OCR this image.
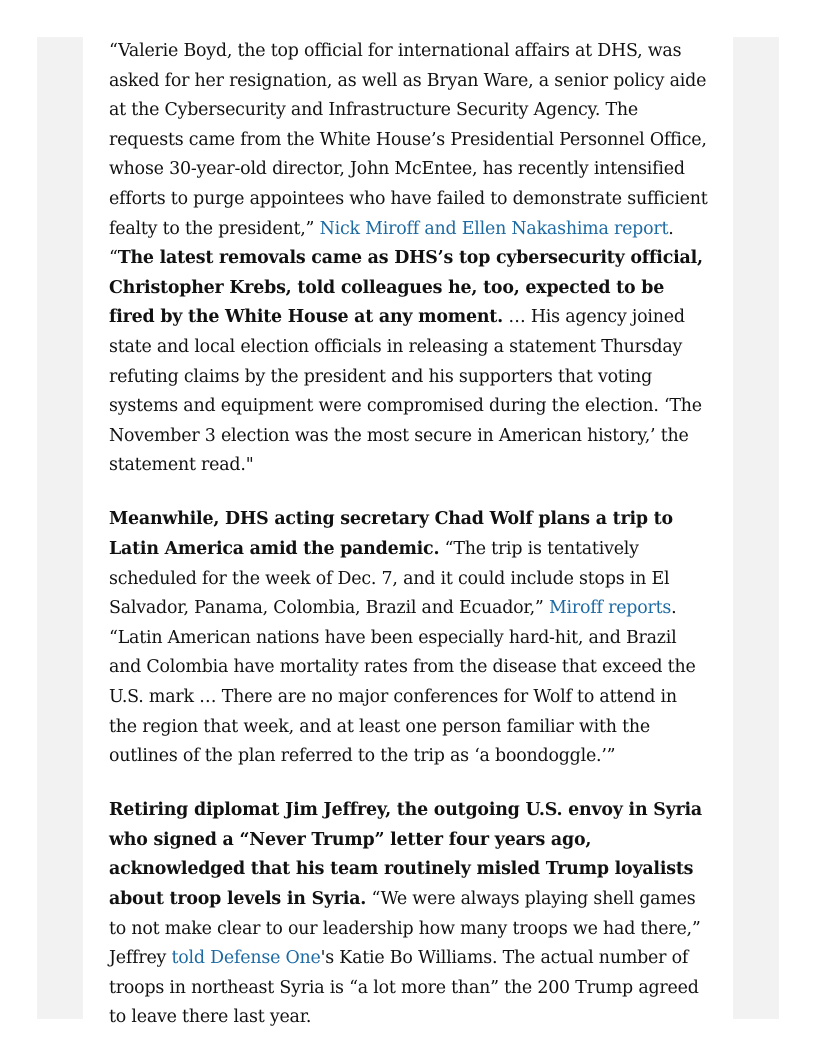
“Valerie Boyd, the top official for international affairs at DHS, was asked for her resignation, as well as Bryan Ware, a senior policy aide at the Cybersecurity and Infrastructure Security Agency. The requests came from the White House’s Presidential Personnel Office, whose 30-year-old director, John McEntee, has recently intensified efforts to purge appointees who have failed to demonstrate sufficient fealty to the president,” Nick Miroff and Ellen Nakashima report. “The latest removals came as DHS’s top cybersecurity official, Christopher Krebs, told colleagues he, too, expected to be fired by the White House at any moment. … His agency joined state and local election officials in releasing a statement Thursday refuting claims by the president and his supporters that voting systems and equipment were compromised during the election. ‘The November 3 election was the most secure in American history,’ the statement read."

Meanwhile, DHS acting secretary Chad Wolf plans a trip to Latin America amid the pandemic. “The trip is tentatively scheduled for the week of Dec. 7, and it could include stops in El Salvador, Panama, Colombia, Brazil and Ecuador,” Miroff reports. “Latin American nations have been especially hard-hit, and Brazil and Colombia have mortality rates from the disease that exceed the U.S. mark … There are no major conferences for Wolf to attend in the region that week, and at least one person familiar with the outlines of the plan referred to the trip as ‘a boondoggle.’”

Retiring diplomat Jim Jeffrey, the outgoing U.S. envoy in Syria who signed a “Never Trump” letter four years ago, acknowledged that his team routinely misled Trump loyalists about troop levels in Syria. “We were always playing shell games to not make clear to our leadership how many troops we had there,” Jeffrey told Defense One's Katie Bo Williams. The actual number of troops in northeast Syria is “a lot more than” the 200 Trump agreed to leave there last year.
